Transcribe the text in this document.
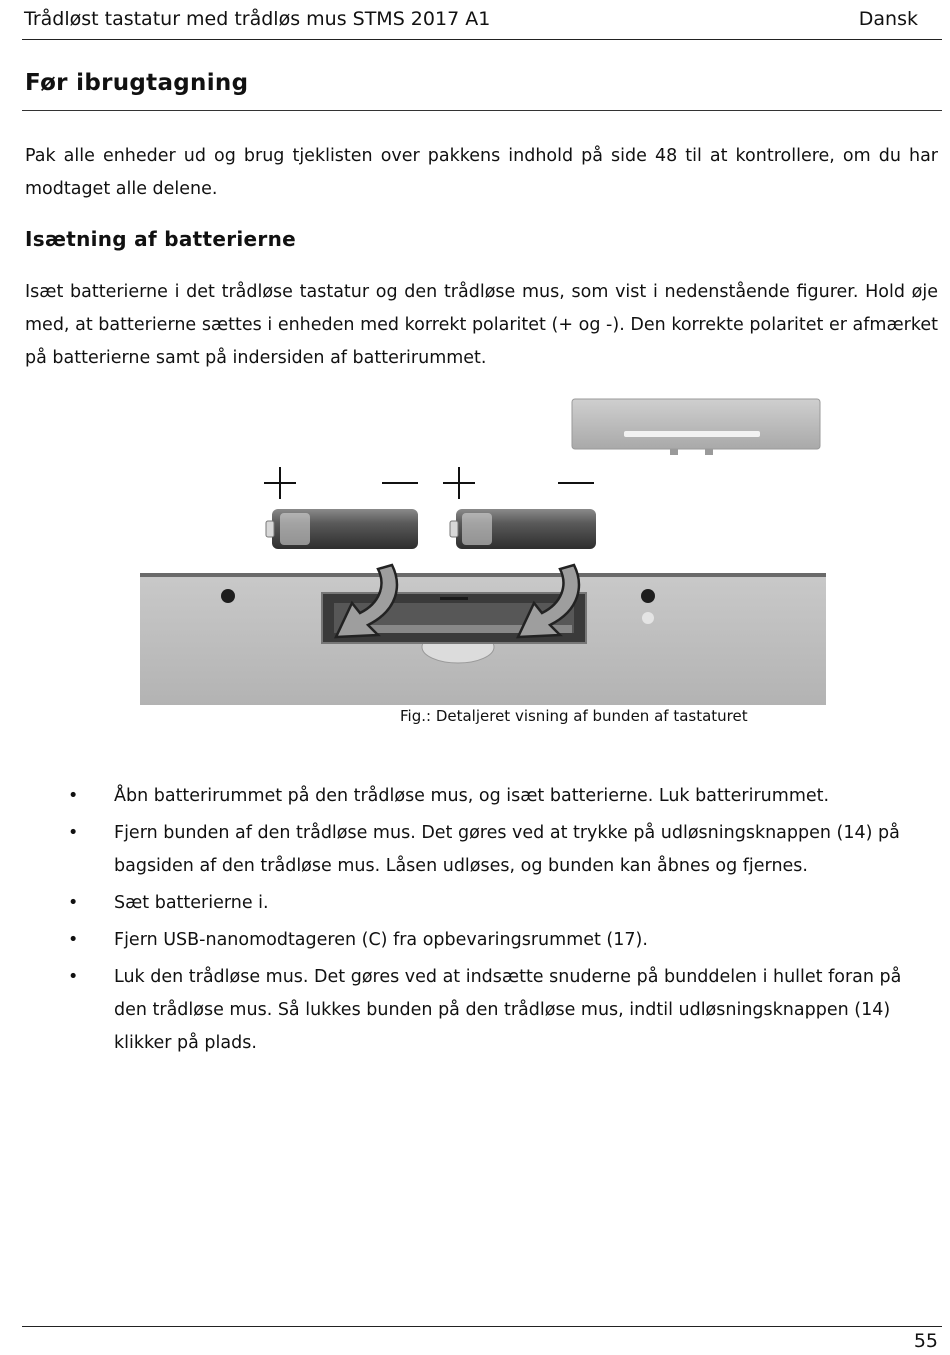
Trådløst tastatur med trådløs mus STMS 2017 A1	Dansk
Før ibrugtagning
Pak alle enheder ud og brug tjeklisten over pakkens indhold på side 48 til at kontrollere, om du har modtaget alle delene.
Isætning af batterierne
Isæt batterierne i det trådløse tastatur og den trådløse mus, som vist i nedenstående figurer. Hold øje med, at batterierne sættes i enheden med korrekt polaritet (+ og -). Den korrekte polaritet er afmærket på batterierne samt på indersiden af batterirummet.
Fig.: Detaljeret visning af bunden af tastaturet
• Åbn batterirummet på den trådløse mus, og isæt batterierne. Luk batterirummet.
• Fjern bunden af den trådløse mus. Det gøres ved at trykke på udløsningsknappen (14) på bagsiden af den trådløse mus. Låsen udløses, og bunden kan åbnes og fjernes.
• Sæt batterierne i.
• Fjern USB-nanomodtageren (C) fra opbevaringsrummet (17).
• Luk den trådløse mus. Det gøres ved at indsætte snuderne på bunddelen i hullet foran på den trådløse mus. Så lukkes bunden på den trådløse mus, indtil udløsningsknappen (14) klikker på plads.
55
